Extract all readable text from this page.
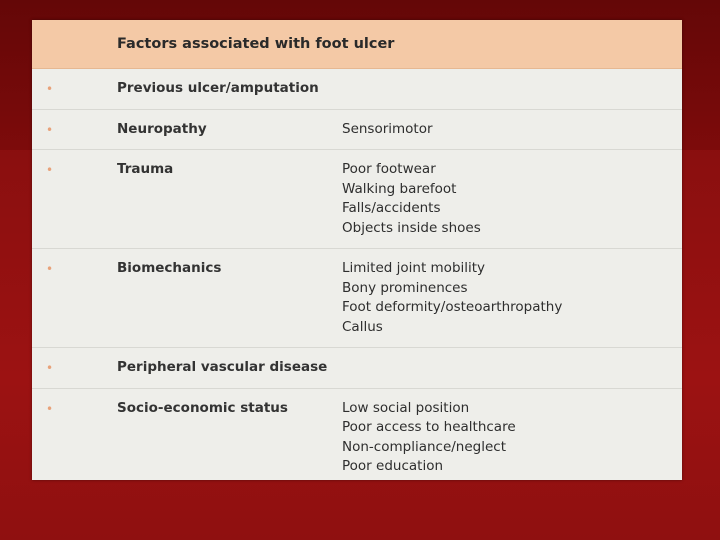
Factors associated with foot ulcer
•	Previous ulcer/amputation
•	Neuropathy	Sensorimotor
•	Trauma	Poor footwear
Walking barefoot
Falls/accidents
Objects inside shoes
•	Biomechanics	Limited joint mobility
Bony prominences
Foot deformity/osteoarthropathy
Callus
•	Peripheral vascular disease
•	Socio-economic status	Low social position
Poor access to healthcare
Non-compliance/neglect
Poor education
